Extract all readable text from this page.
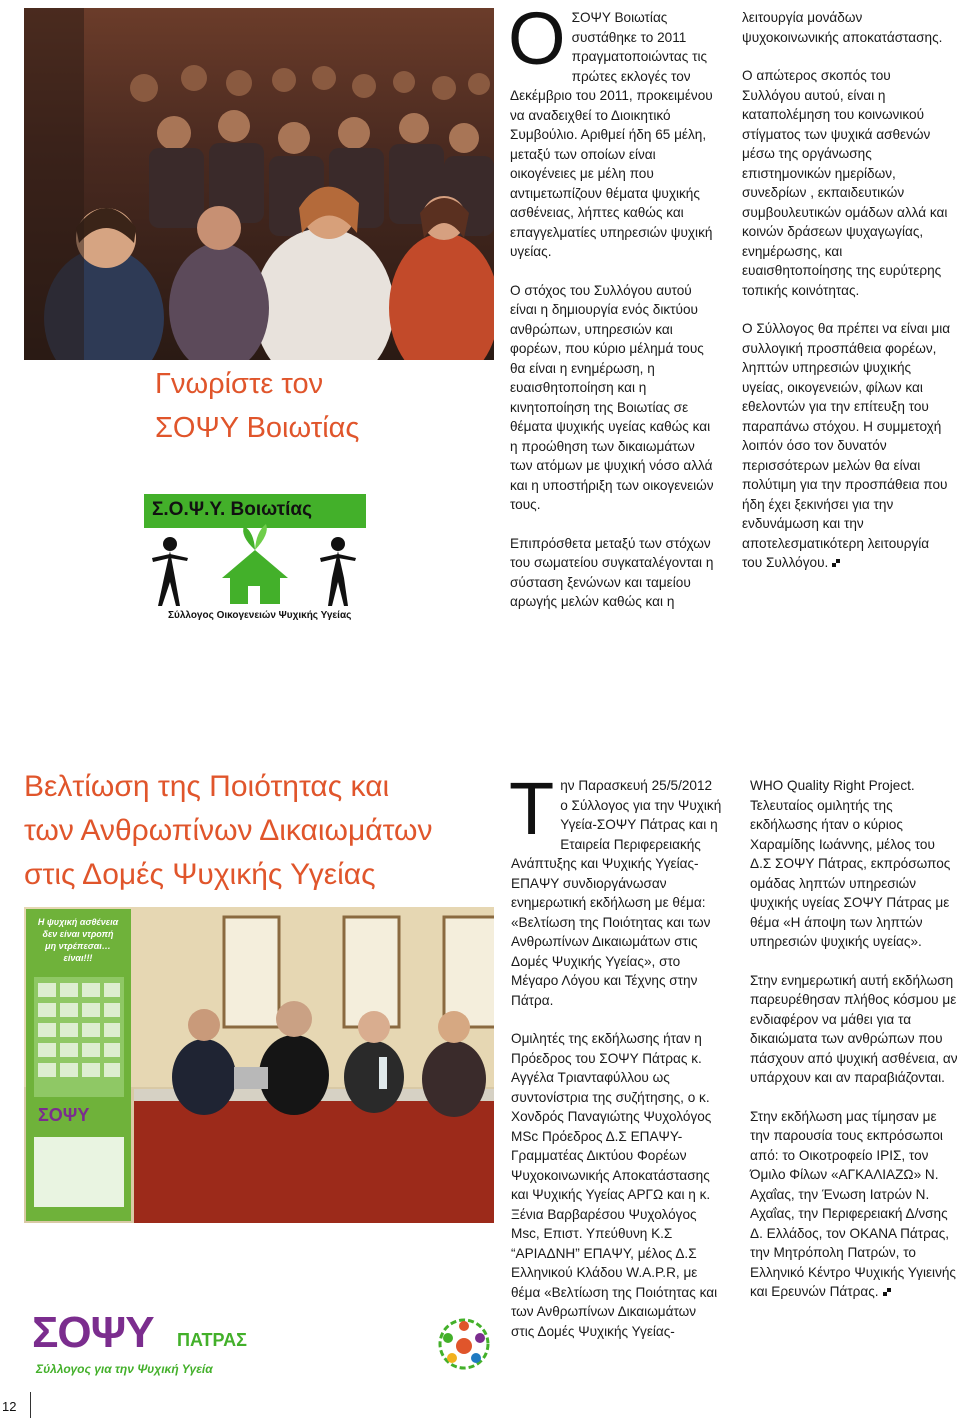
Γνωρίστε τον
ΣΟΨΥ Βοιωτίας
Σ.Ο.Ψ.Υ. Βοιωτίας
Σύλλογος Οικογενειών Ψυχικής Υγείας

Ο ΣΟΨΥ Βοιωτίας συστάθηκε το 2011 πραγματοποιώντας τις πρώτες εκλογές τον Δεκέμβριο του 2011, προκειμένου να αναδειχθεί το Διοικητικό Συμβούλιο. Αριθμεί ήδη 65 μέλη, μεταξύ των οποίων είναι οικογένειες με μέλη που αντιμετωπίζουν θέματα ψυχικής ασθένειας, λήπτες καθώς και επαγγελματίες υπηρεσιών ψυχική υγείας.

Ο στόχος του Συλλόγου αυτού είναι η δημιουργία ενός δικτύου ανθρώπων, υπηρεσιών και φορέων, που κύριο μέλημά τους θα είναι η ενημέρωση, η ευαισθητοποίηση και η κινητοποίηση της Βοιωτίας σε θέματα ψυχικής υγείας καθώς και η προώθηση των δικαιωμάτων των ατόμων με ψυχική νόσο αλλά και η υποστήριξη των οικογενειών τους.

Επιπρόσθετα μεταξύ των στόχων του σωματείου συγκαταλέγονται η σύσταση ξενώνων και ταμείου αρωγής μελών καθώς και η

λειτουργία μονάδων ψυχοκοινωνικής αποκατάστασης.

Ο απώτερος σκοπός του Συλλόγου αυτού, είναι η καταπολέμηση του κοινωνικού στίγματος των ψυχικά ασθενών μέσω της οργάνωσης επιστημονικών ημερίδων, συνεδρίων , εκπαιδευτικών συμβουλευτικών ομάδων αλλά και κοινών δράσεων ψυχαγωγίας, ενημέρωσης, και ευαισθητοποίησης της ευρύτερης τοπικής κοινότητας.

Ο Σύλλογος θα πρέπει να είναι μια συλλογική προσπάθεια φορέων, ληπτών υπηρεσιών ψυχικής υγείας, οικογενειών, φίλων και εθελοντών για την επίτευξη του παραπάνω στόχου. Η συμμετοχή λοιπόν όσο τον δυνατόν περισσότερων μελών θα είναι πολύτιμη για την προσπάθεια που ήδη έχει ξεκινήσει για την ενδυνάμωση και την αποτελεσματικότερη λειτουργία του Συλλόγου.

Βελτίωση της Ποιότητας και
των Ανθρωπίνων Δικαιωμάτων
στις Δομές Ψυχικής Υγείας
Η ψυχική ασθένεια
δεν είναι ντροπή
μη ντρέπεσαι…
είναι!!!
ΣΟΨΥ
ΣΟΨΥ ΠΑΤΡΑΣ
Σύλλογος για την Ψυχική Υγεία

Τ ην Παρασκευή 25/5/2012 ο Σύλλογος για την Ψυχική Υγεία-ΣΟΨΥ Πάτρας και η Εταιρεία Περιφερειακής Ανάπτυξης και Ψυχικής Υγείας-ΕΠΑΨΥ συνδιοργάνωσαν ενημερωτική εκδήλωση με θέμα: «Βελτίωση της Ποιότητας και των Ανθρωπίνων Δικαιωμάτων στις Δομές Ψυχικής Υγείας», στο Μέγαρο Λόγου και Τέχνης στην Πάτρα.

Ομιλητές της εκδήλωσης ήταν η Πρόεδρος του ΣΟΨΥ Πάτρας κ. Αγγέλα Τριανταφύλλου ως συντονίστρια της συζήτησης, ο κ. Χονδρός Παναγιώτης Ψυχολόγος MSc Πρόεδρος Δ.Σ ΕΠΑΨΥ-Γραμματέας Δικτύου Φορέων Ψυχοκοινωνικής Αποκατάστασης και Ψυχικής Υγείας ΑΡΓΩ και η κ. Ξένια Βαρβαρέσου Ψυχολόγος Msc, Επιστ. Υπεύθυνη Κ.Σ “ΑΡΙΑΔΝΗ” ΕΠΑΨΥ, μέλος Δ.Σ Ελληνικού Κλάδου W.A.P.R, με θέμα «Βελτίωση της Ποιότητας και των Ανθρωπίνων Δικαιωμάτων στις Δομές Ψυχικής Υγείας-

WHO Quality Right Project. Τελευταίος ομιλητής της εκδήλωσης ήταν ο κύριος Χαραμίδης Ιωάννης, μέλος του Δ.Σ ΣΟΨΥ Πάτρας, εκπρόσωπος ομάδας ληπτών υπηρεσιών ψυχικής υγείας ΣΟΨΥ Πάτρας με θέμα «Η άποψη των ληπτών υπηρεσιών ψυχικής υγείας».

Στην ενημερωτική αυτή εκδήλωση παρευρέθησαν πλήθος κόσμου με ενδιαφέρον να μάθει για τα δικαιώματα των ανθρώπων που πάσχουν από ψυχική ασθένεια, αν υπάρχουν και αν παραβιάζονται.

Στην εκδήλωση μας τίμησαν με την παρουσία τους εκπρόσωποι από: το Οικοτροφείο ΙΡΙΣ, τον Όμιλο Φίλων «ΑΓΚΑΛΙΑΖΩ» Ν. Αχαΐας, την Ένωση Ιατρών Ν. Αχαΐας, την Περιφερειακή Δ/νσης Δ. Ελλάδος, τον ΟΚΑΝΑ Πάτρας, την Μητρόπολη Πατρών, το Ελληνικό Κέντρο Ψυχικής Υγιεινής και Ερευνών Πάτρας.

12
